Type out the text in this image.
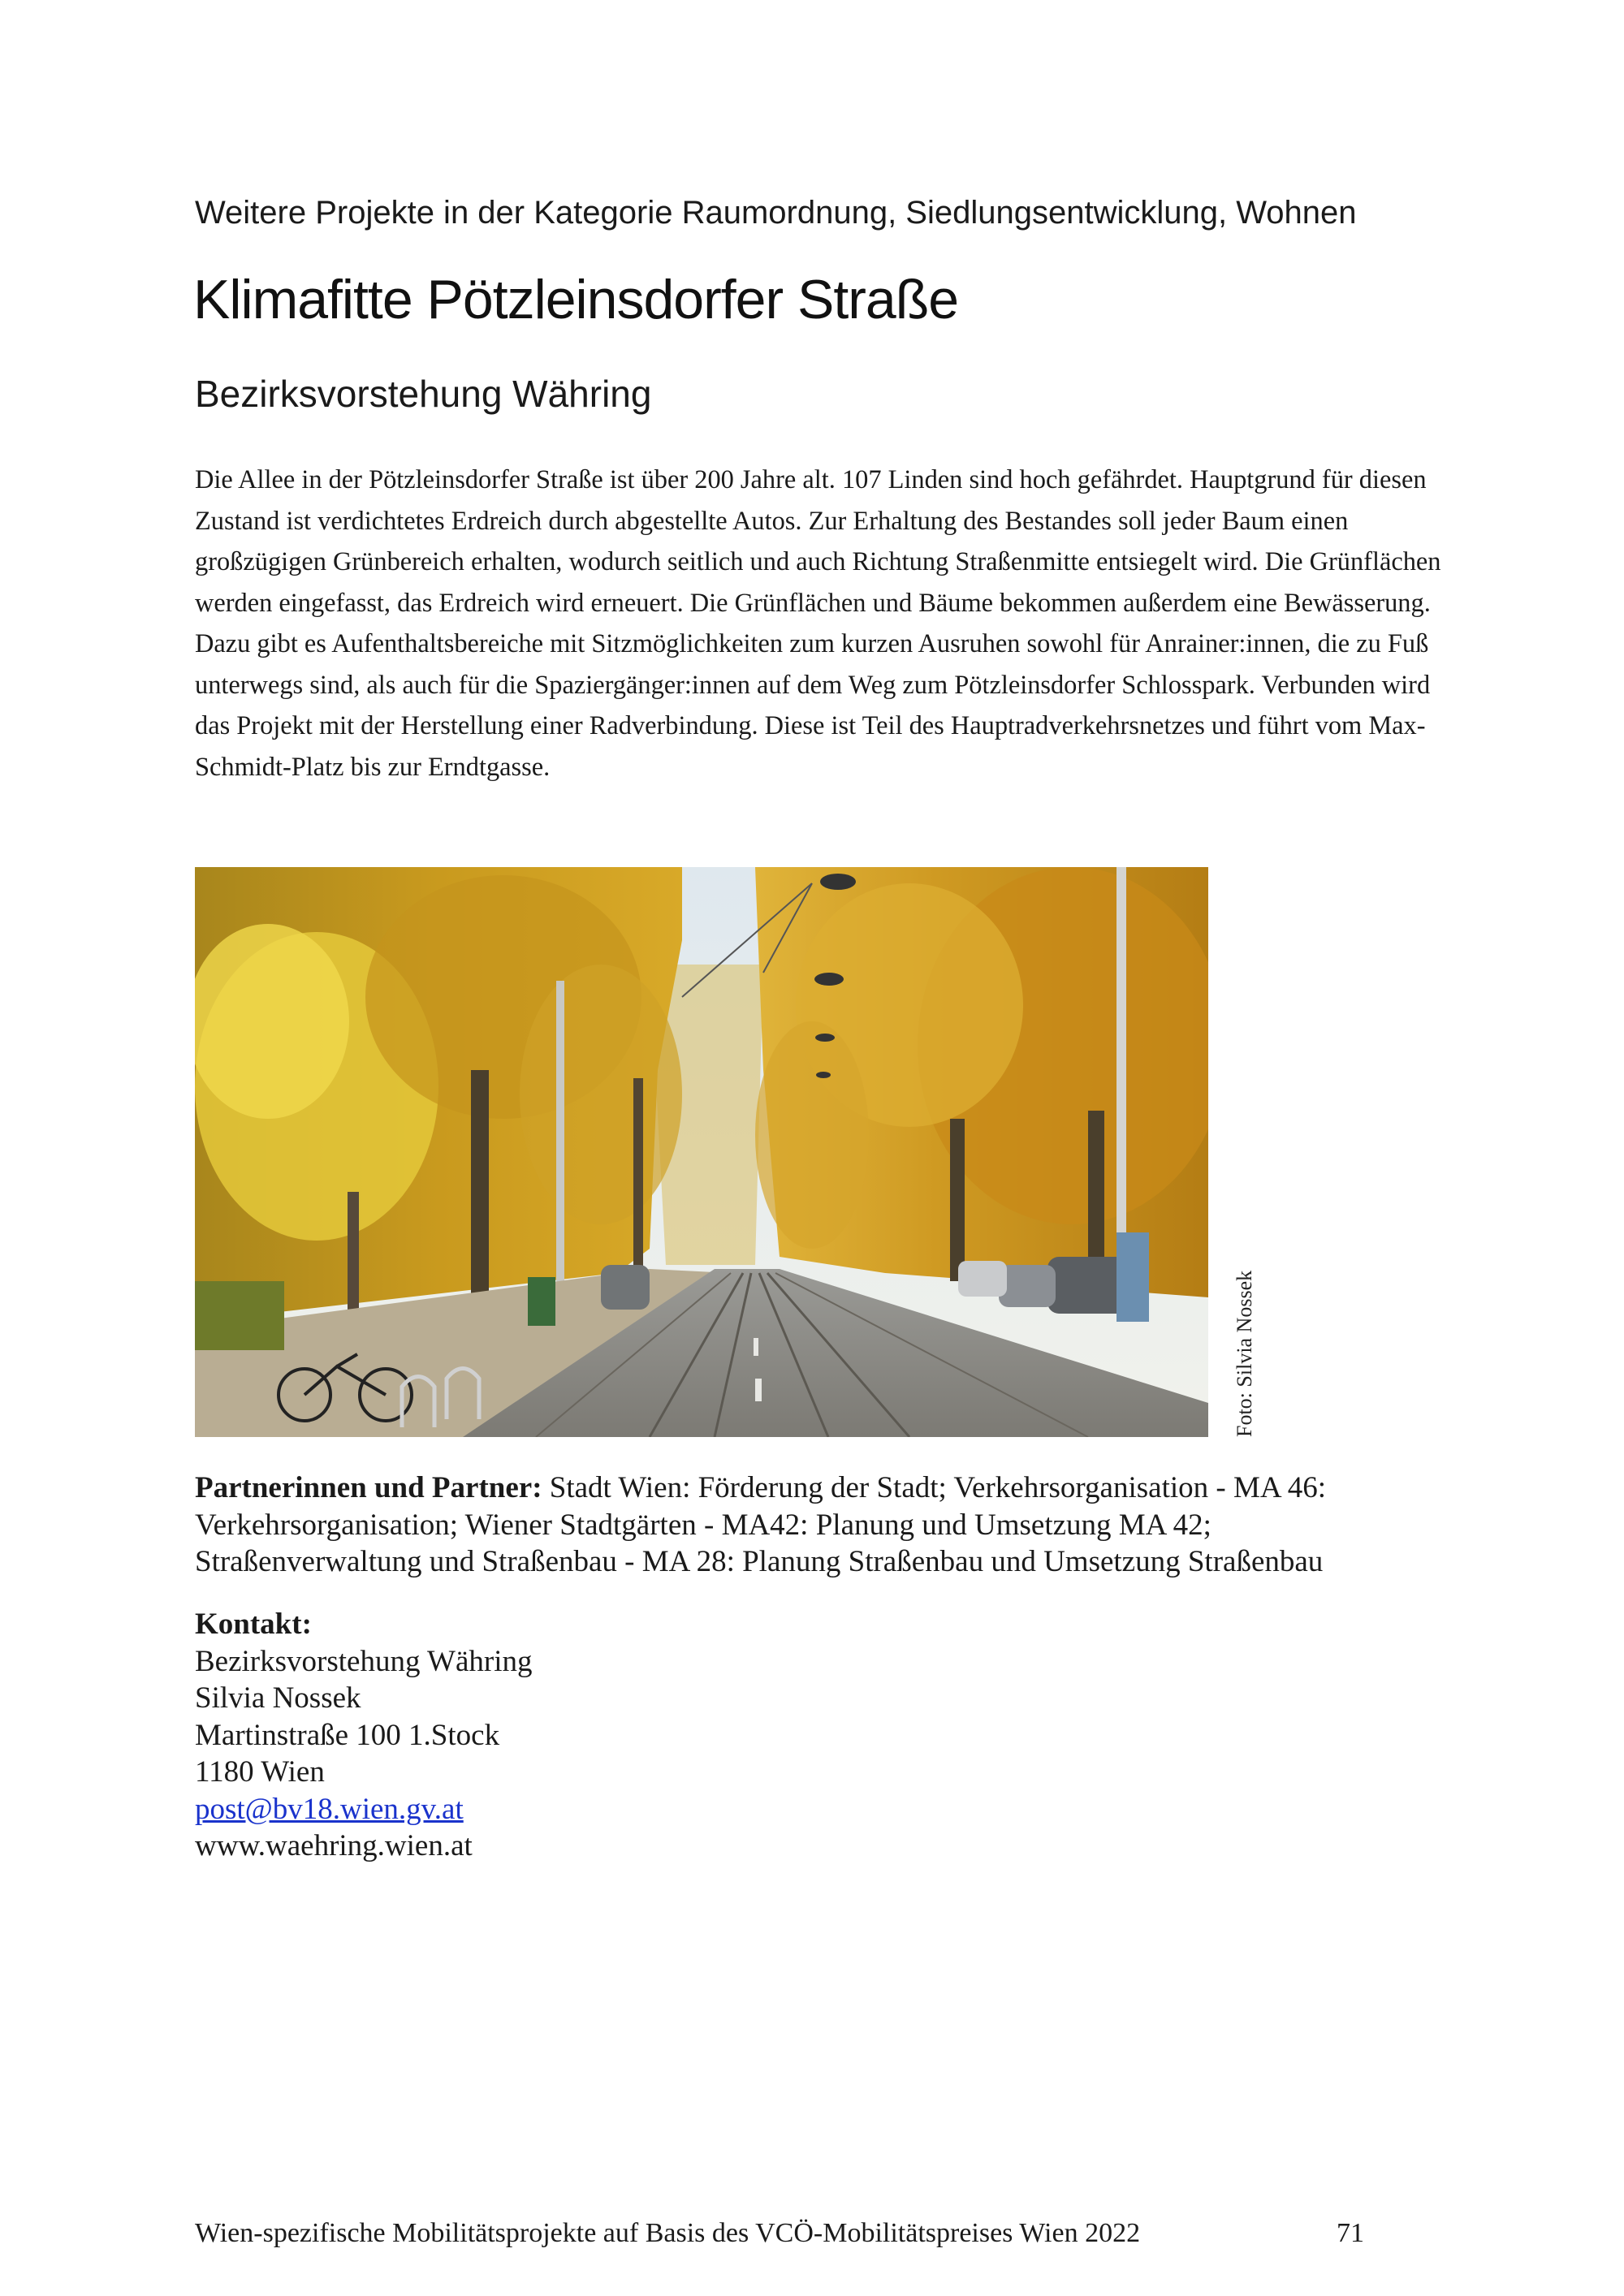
Weitere Projekte in der Kategorie Raumordnung, Siedlungsentwicklung, Wohnen
Klimafitte Pötzleinsdorfer Straße
Bezirksvorstehung Währing

Die Allee in der Pötzleinsdorfer Straße ist über 200 Jahre alt. 107 Linden sind hoch gefährdet. Hauptgrund für diesen Zustand ist verdichtetes Erdreich durch abgestellte Autos. Zur Erhaltung des Bestandes soll jeder Baum einen großzügigen Grünbereich erhalten, wodurch seitlich und auch Richtung Straßenmitte entsiegelt wird. Die Grünflächen werden eingefasst, das Erdreich wird erneuert. Die Grünflächen und Bäume bekommen außerdem eine Bewässerung. Dazu gibt es Aufenthaltsbereiche mit Sitzmöglichkeiten zum kurzen Ausruhen sowohl für Anrainer:innen, die zu Fuß unterwegs sind, als auch für die Spaziergänger:innen auf dem Weg zum Pötzleinsdorfer Schlosspark. Verbunden wird das Projekt mit der Herstellung einer Radverbindung. Diese ist Teil des Hauptradverkehrsnetzes und führt vom Max-Schmidt-Platz bis zur Erndtgasse.

Foto: Silvia Nossek

Partnerinnen und Partner: Stadt Wien: Förderung der Stadt; Verkehrsorganisation - MA 46: Verkehrsorganisation; Wiener Stadtgärten - MA42: Planung und Umsetzung MA 42; Straßenverwaltung und Straßenbau - MA 28: Planung Straßenbau und Umsetzung Straßenbau

Kontakt:
Bezirksvorstehung Währing
Silvia Nossek
Martinstraße 100 1.Stock
1180 Wien
post@bv18.wien.gv.at
www.waehring.wien.at
Wien-spezifische Mobilitätsprojekte auf Basis des VCÖ-Mobilitätspreises Wien 2022	71
